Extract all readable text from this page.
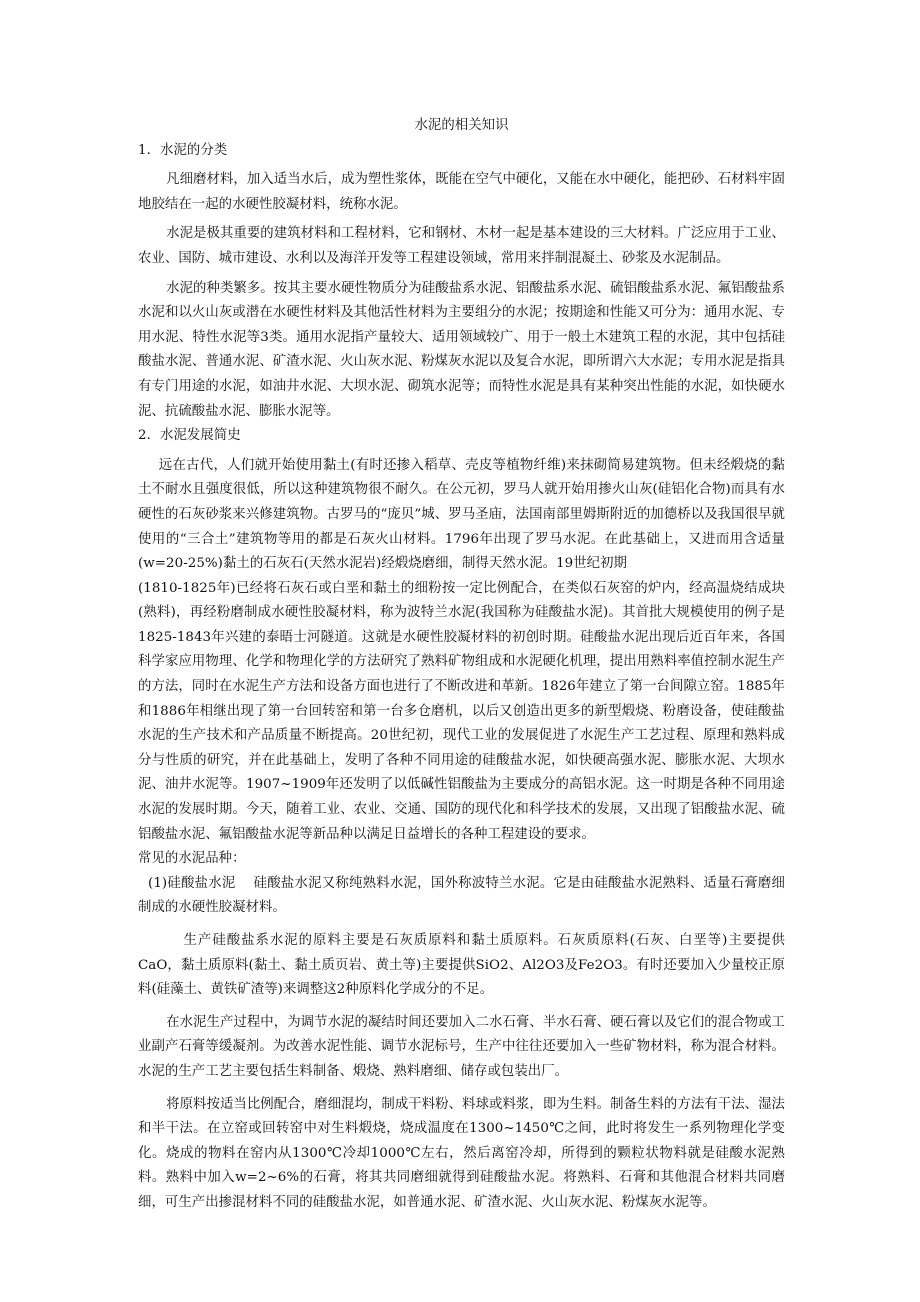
水泥的相关知识

1．水泥的分类

凡细磨材料，加入适当水后，成为塑性浆体，既能在空气中硬化，又能在水中硬化，能把砂、石材料牢固地胶结在一起的水硬性胶凝材料，统称水泥。

水泥是极其重要的建筑材料和工程材料，它和钢材、木材一起是基本建设的三大材料。广泛应用于工业、农业、国防、城市建设、水利以及海洋开发等工程建设领域，常用来拌制混凝土、砂浆及水泥制品。

水泥的种类繁多。按其主要水硬性物质分为硅酸盐系水泥、铝酸盐系水泥、硫铝酸盐系水泥、氟铝酸盐系水泥和以火山灰或潜在水硬性材料及其他活性材料为主要组分的水泥；按期途和性能又可分为：通用水泥、专用水泥、特性水泥等3类。通用水泥指产量较大、适用领域较广、用于一般土木建筑工程的水泥，其中包括硅酸盐水泥、普通水泥、矿渣水泥、火山灰水泥、粉煤灰水泥以及复合水泥，即所谓六大水泥；专用水泥是指具有专门用途的水泥，如油井水泥、大坝水泥、砌筑水泥等；而特性水泥是具有某种突出性能的水泥，如快硬水泥、抗硫酸盐水泥、膨胀水泥等。

2．水泥发展简史

远在古代，人们就开始使用黏土(有时还掺入稻草、壳皮等植物纤维)来抹砌简易建筑物。但未经煅烧的黏土不耐水且强度很低，所以这种建筑物很不耐久。在公元初，罗马人就开始用掺火山灰(硅铝化合物)而具有水硬性的石灰砂浆来兴修建筑物。古罗马的“庞贝”城、罗马圣庙，法国南部里姆斯附近的加德桥以及我国很早就使用的“三合土”建筑物等用的都是石灰火山材料。1796年出现了罗马水泥。在此基础上，又进而用含适量(w=20-25%)黏土的石灰石(天然水泥岩)经煅烧磨细，制得天然水泥。19世纪初期

(1810-1825年)已经将石灰石或白垩和黏土的细粉按一定比例配合，在类似石灰窑的炉内，经高温烧结成块(熟料)，再经粉磨制成水硬性胶凝材料，称为波特兰水泥(我国称为硅酸盐水泥)。其首批大规模使用的例子是1825-1843年兴建的泰晤士河隧道。这就是水硬性胶凝材料的初创时期。硅酸盐水泥出现后近百年来，各国科学家应用物理、化学和物理化学的方法研究了熟料矿物组成和水泥硬化机理，提出用熟料率值控制水泥生产的方法，同时在水泥生产方法和设备方面也进行了不断改进和革新。1826年建立了第一台间隙立窑。1885年和1886年相继出现了第一台回转窑和第一台多仓磨机，以后又创造出更多的新型煅烧、粉磨设备，使硅酸盐水泥的生产技术和产品质量不断提高。20世纪初，现代工业的发展促进了水泥生产工艺过程、原理和熟料成分与性质的研究，并在此基础上，发明了各种不同用途的硅酸盐水泥，如快硬高强水泥、膨胀水泥、大坝水泥、油井水泥等。1907~1909年还发明了以低碱性铝酸盐为主要成分的高铝水泥。这一时期是各种不同用途水泥的发展时期。今天，随着工业、农业、交通、国防的现代化和科学技术的发展，又出现了铝酸盐水泥、硫铝酸盐水泥、氟铝酸盐水泥等新品种以满足日益增长的各种工程建设的要求。

常见的水泥品种：

(1)硅酸盐水泥　 硅酸盐水泥又称纯熟料水泥，国外称波特兰水泥。它是由硅酸盐水泥熟料、适量石膏磨细制成的水硬性胶凝材料。

生产硅酸盐系水泥的原料主要是石灰质原料和黏土质原料。石灰质原料(石灰、白垩等)主要提供CaO，黏土质原料(黏土、黏土质页岩、黄土等)主要提供SiO2、Al2O3及Fe2O3。有时还要加入少量校正原料(硅藻土、黄铁矿渣等)来调整这2种原料化学成分的不足。

在水泥生产过程中，为调节水泥的凝结时间还要加入二水石膏、半水石膏、硬石膏以及它们的混合物或工业副产石膏等缓凝剂。为改善水泥性能、调节水泥标号，生产中往往还要加入一些矿物材料，称为混合材料。水泥的生产工艺主要包括生料制备、煅烧、熟料磨细、储存或包装出厂。

将原料按适当比例配合，磨细混均，制成干料粉、料球或料浆，即为生料。制备生料的方法有干法、湿法和半干法。在立窑或回转窑中对生料煅烧，烧成温度在1300~1450℃之间，此时将发生一系列物理化学变化。烧成的物料在窑内从1300℃冷却1000℃左右，然后离窑冷却，所得到的颗粒状物料就是硅酸水泥熟料。熟料中加入w=2~6%的石膏，将其共同磨细就得到硅酸盐水泥。将熟料、石膏和其他混合材料共同磨细，可生产出掺混材料不同的硅酸盐水泥，如普通水泥、矿渣水泥、火山灰水泥、粉煤灰水泥等。
